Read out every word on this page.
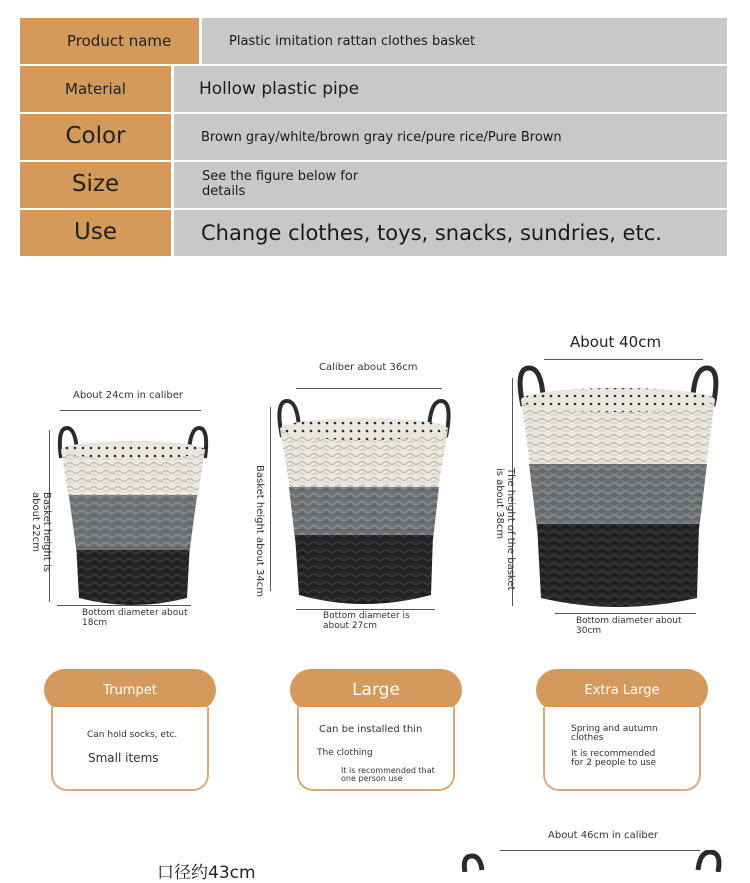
Product name	Plastic imitation rattan clothes basket
Material	Hollow plastic pipe
Color	Brown gray/white/brown gray rice/pure rice/Pure Brown
Size	See the figure below for details
Use	Change clothes, toys, snacks, sundries, etc.
About 24cm in caliber
Basket height is about 22cm
Bottom diameter about 18cm
Caliber about 36cm
Basket height about 34cm
Bottom diameter is about 27cm
About 40cm
The height of the basket is about 38cm
Bottom diameter about 30cm
Trumpet
Can hold socks, etc.
Small items
Large
Can be installed thin
The clothing
It is recommended that one person use
Extra Large
Spring and autumn clothes
It is recommended for 2 people to use
About 46cm in caliber
口径约43cm
